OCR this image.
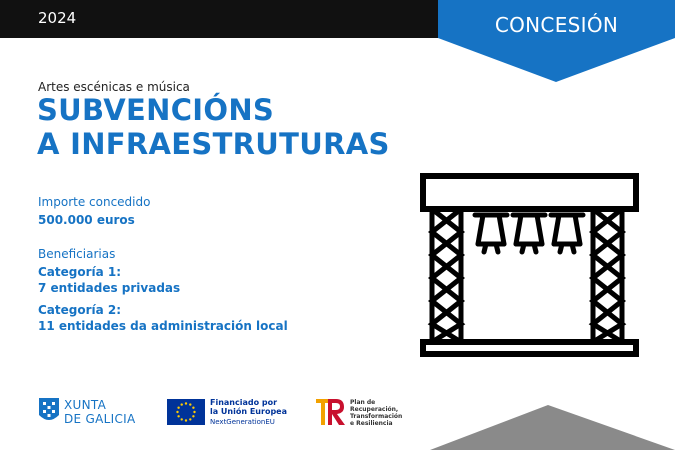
2024	CONCESIÓN
Artes escénicas e música
SUBVENCIÓNS
A INFRAESTRUTURAS
Importe concedido
500.000 euros
Beneficiarias
Categoría 1:
7 entidades privadas
Categoría 2:
11 entidades da administración local
XUNTA
DE GALICIA
Financiado por
la Unión Europea
NextGenerationEU
Plan de
Recuperación,
Transformación
e Resiliencia
